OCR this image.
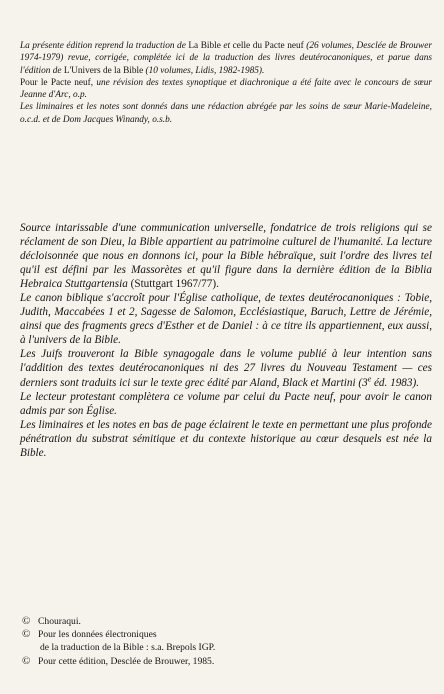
La présente édition reprend la traduction de La Bible et celle du Pacte neuf (26 volumes, Desclée de Brouwer 1974-1979) revue, corrigée, complétée ici de la traduction des livres deutérocanoniques, et parue dans l'édition de L'Univers de la Bible (10 volumes, Lidis, 1982-1985).

Pour le Pacte neuf, une révision des textes synoptique et diachronique a été faite avec le concours de sœur Jeanne d'Arc, o.p.

Les liminaires et les notes sont donnés dans une rédaction abrégée par les soins de sœur Marie-Madeleine, o.c.d. et de Dom Jacques Winandy, o.s.b.

Source intarissable d'une communication universelle, fondatrice de trois religions qui se réclament de son Dieu, la Bible appartient au patrimoine culturel de l'humanité. La lecture décloisonnée que nous en donnons ici, pour la Bible hébraïque, suit l'ordre des livres tel qu'il est défini par les Massorètes et qu'il figure dans la dernière édition de la Biblia Hebraica Stuttgartensia (Stuttgart 1967/77).

Le canon biblique s'accroît pour l'Église catholique, de textes deutérocanoniques : Tobie, Judith, Maccabées 1 et 2, Sagesse de Salomon, Ecclésiastique, Baruch, Lettre de Jérémie, ainsi que des fragments grecs d'Esther et de Daniel : à ce titre ils appartiennent, eux aussi, à l'univers de la Bible.

Les Juifs trouveront la Bible synagogale dans le volume publié à leur intention sans l'addition des textes deutérocanoniques ni des 27 livres du Nouveau Testament — ces derniers sont traduits ici sur le texte grec édité par Aland, Black et Martini (3e éd. 1983).

Le lecteur protestant complètera ce volume par celui du Pacte neuf, pour avoir le canon admis par son Église.

Les liminaires et les notes en bas de page éclairent le texte en permettant une plus profonde pénétration du substrat sémitique et du contexte historique au cœur desquels est née la Bible.

© Chouraqui.
© Pour les données électroniques
de la traduction de la Bible : s.a. Brepols IGP.
© Pour cette édition, Desclée de Brouwer, 1985.
